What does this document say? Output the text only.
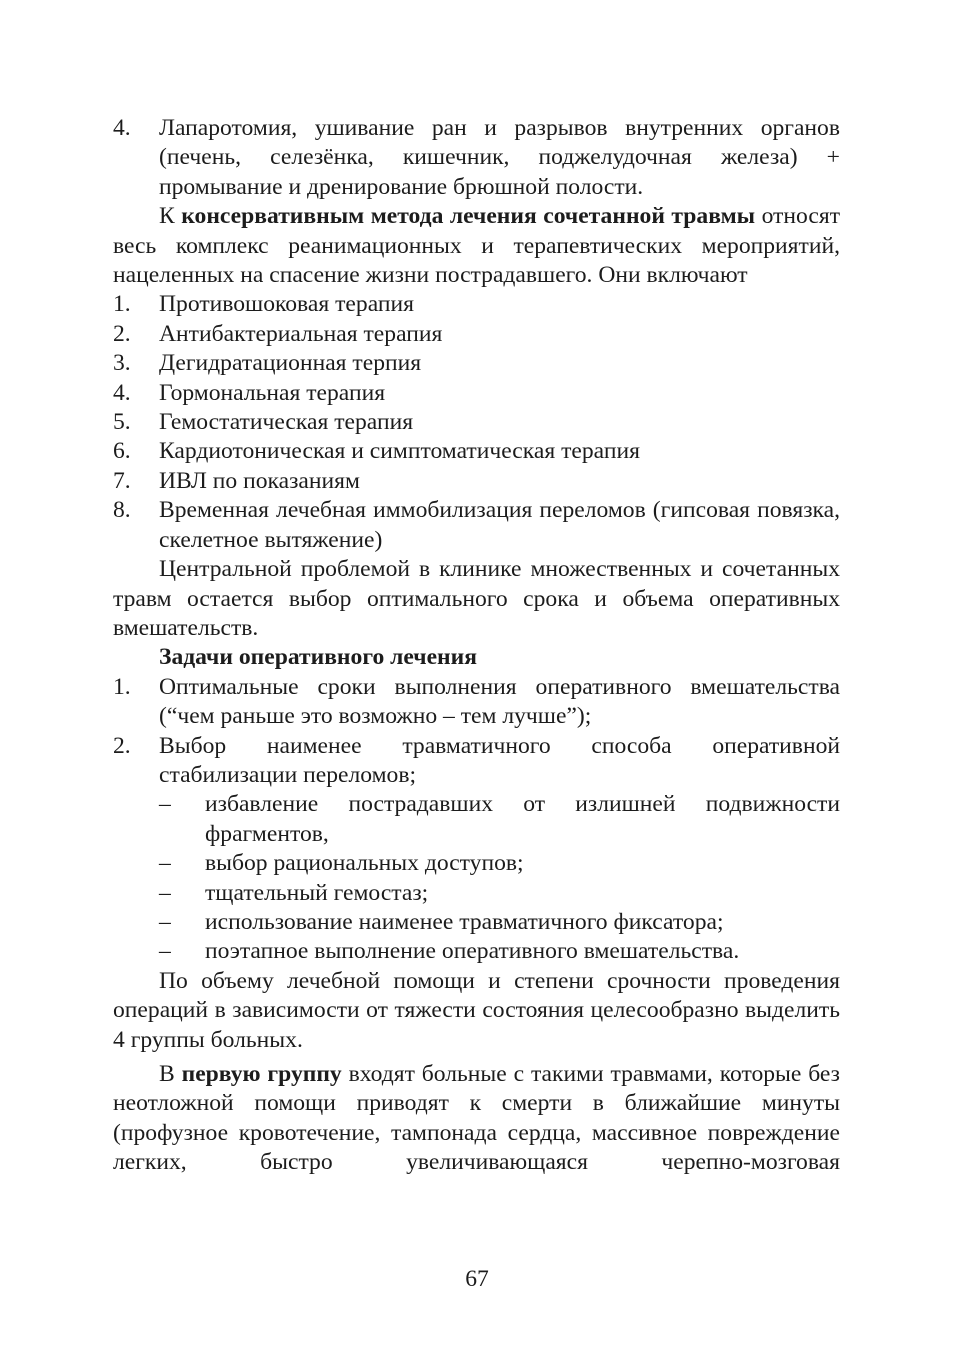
4. Лапаротомия, ушивание ран и разрывов внутренних органов (печень, селезёнка, кишечник, поджелудочная железа) + промывание и дренирование брюшной полости.

К консервативным метода лечения сочетанной травмы относят весь комплекс реанимационных и терапевтических мероприятий, нацеленных на спасение жизни пострадавшего. Они включают

1. Противошоковая терапия
2. Антибактериальная терапия
3. Дегидратационная терпия
4. Гормональная терапия
5. Гемостатическая терапия
6. Кардиотоническая и симптоматическая терапия
7. ИВЛ по показаниям
8. Временная лечебная иммобилизация переломов (гипсовая повязка, скелетное вытяжение)

Центральной проблемой в клинике множественных и сочетанных травм остается выбор оптимального срока и объема оперативных вмешательств.

Задачи оперативного лечения
1. Оптимальные сроки выполнения оперативного вмешательства (“чем раньше это возможно – тем лучше”);
2. Выбор наименее травматичного способа оперативной стабилизации переломов;
– избавление пострадавших от излишней подвижности фрагментов,
– выбор рациональных доступов;
– тщательный гемостаз;
– использование наименее травматичного фиксатора;
– поэтапное выполнение оперативного вмешательства.

По объему лечебной помощи и степени срочности проведения операций в зависимости от тяжести состояния целесообразно выделить 4 группы больных.

В первую группу входят больные с такими травмами, которые без неотложной помощи приводят к смерти в ближайшие минуты (профузное кровотечение, тампонада сердца, массивное повреждение легких, быстро увеличивающаяся черепно-мозговая

67
